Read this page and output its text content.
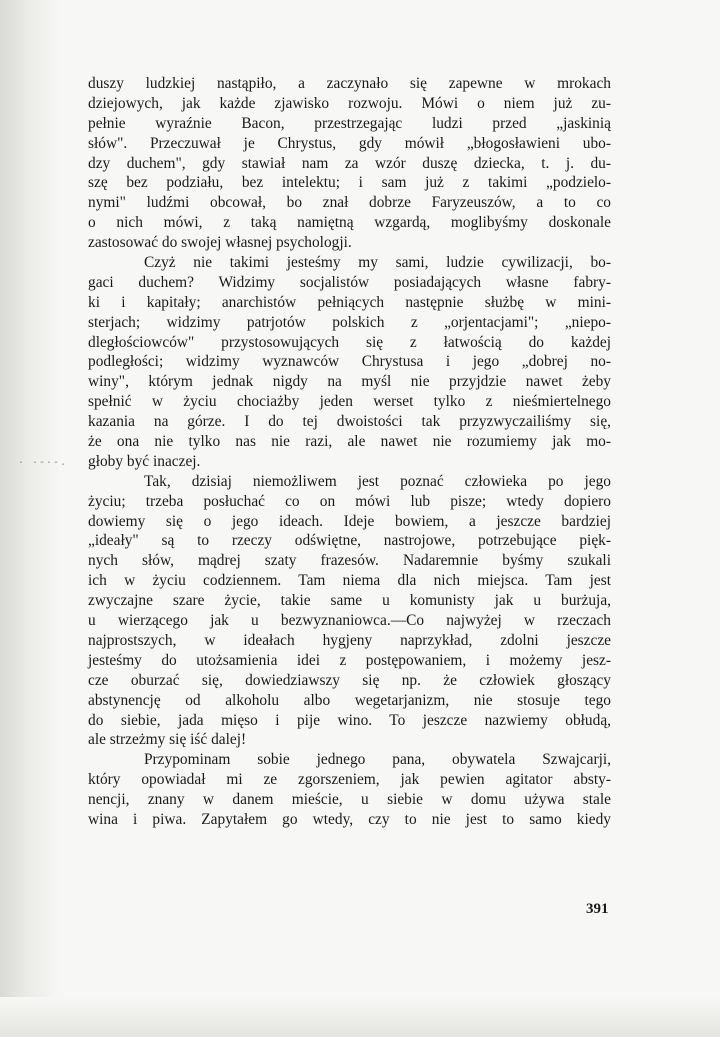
· ·-·-.
duszy ludzkiej nastąpiło, a zaczynało się zapewne w mrokach
dziejowych, jak każde zjawisko rozwoju. Mówi o niem już zu-
pełnie wyraźnie Bacon, przestrzegając ludzi przed „jaskinią
słów". Przeczuwał je Chrystus, gdy mówił „błogosławieni ubo-
dzy duchem", gdy stawiał nam za wzór duszę dziecka, t. j. du-
szę bez podziału, bez intelektu; i sam już z takimi „podzielo-
nymi" ludźmi obcował, bo znał dobrze Faryzeuszów, a to co
o nich mówi, z taką namiętną wzgardą, moglibyśmy doskonale
zastosować do swojej własnej psychologji.
Czyż nie takimi jesteśmy my sami, ludzie cywilizacji, bo-
gaci duchem? Widzimy socjalistów posiadających własne fabry-
ki i kapitały; anarchistów pełniących następnie służbę w mini-
sterjach; widzimy patrjotów polskich z „orjentacjami"; „niepo-
dległościowców" przystosowujących się z łatwością do każdej
podległości; widzimy wyznawców Chrystusa i jego „dobrej no-
winy", którym jednak nigdy na myśl nie przyjdzie nawet żeby
spełnić w życiu chociażby jeden werset tylko z nieśmiertelnego
kazania na górze. I do tej dwoistości tak przyzwyczailiśmy się,
że ona nie tylko nas nie razi, ale nawet nie rozumiemy jak mo-
głoby być inaczej.
Tak, dzisiaj niemożliwem jest poznać człowieka po jego
życiu; trzeba posłuchać co on mówi lub pisze; wtedy dopiero
dowiemy się o jego ideach. Ideje bowiem, a jeszcze bardziej
„ideały" są to rzeczy odświętne, nastrojowe, potrzebujące pięk-
nych słów, mądrej szaty frazesów. Nadaremnie byśmy szukali
ich w życiu codziennem. Tam niema dla nich miejsca. Tam jest
zwyczajne szare życie, takie same u komunisty jak u burżuja,
u wierzącego jak u bezwyznaniowca.—Co najwyżej w rzeczach
najprostszych, w ideałach hygjeny naprzykład, zdolni jeszcze
jesteśmy do utożsamienia idei z postępowaniem, i możemy jesz-
cze oburzać się, dowiedziawszy się np. że człowiek głoszący
abstynencję od alkoholu albo wegetarjanizm, nie stosuje tego
do siebie, jada mięso i pije wino. To jeszcze nazwiemy obłudą,
ale strzeżmy się iść dalej!
Przypominam sobie jednego pana, obywatela Szwajcarji,
który opowiadał mi ze zgorszeniem, jak pewien agitator absty-
nencji, znany w danem mieście, u siebie w domu używa stale
wina i piwa. Zapytałem go wtedy, czy to nie jest to samo kiedy
391
